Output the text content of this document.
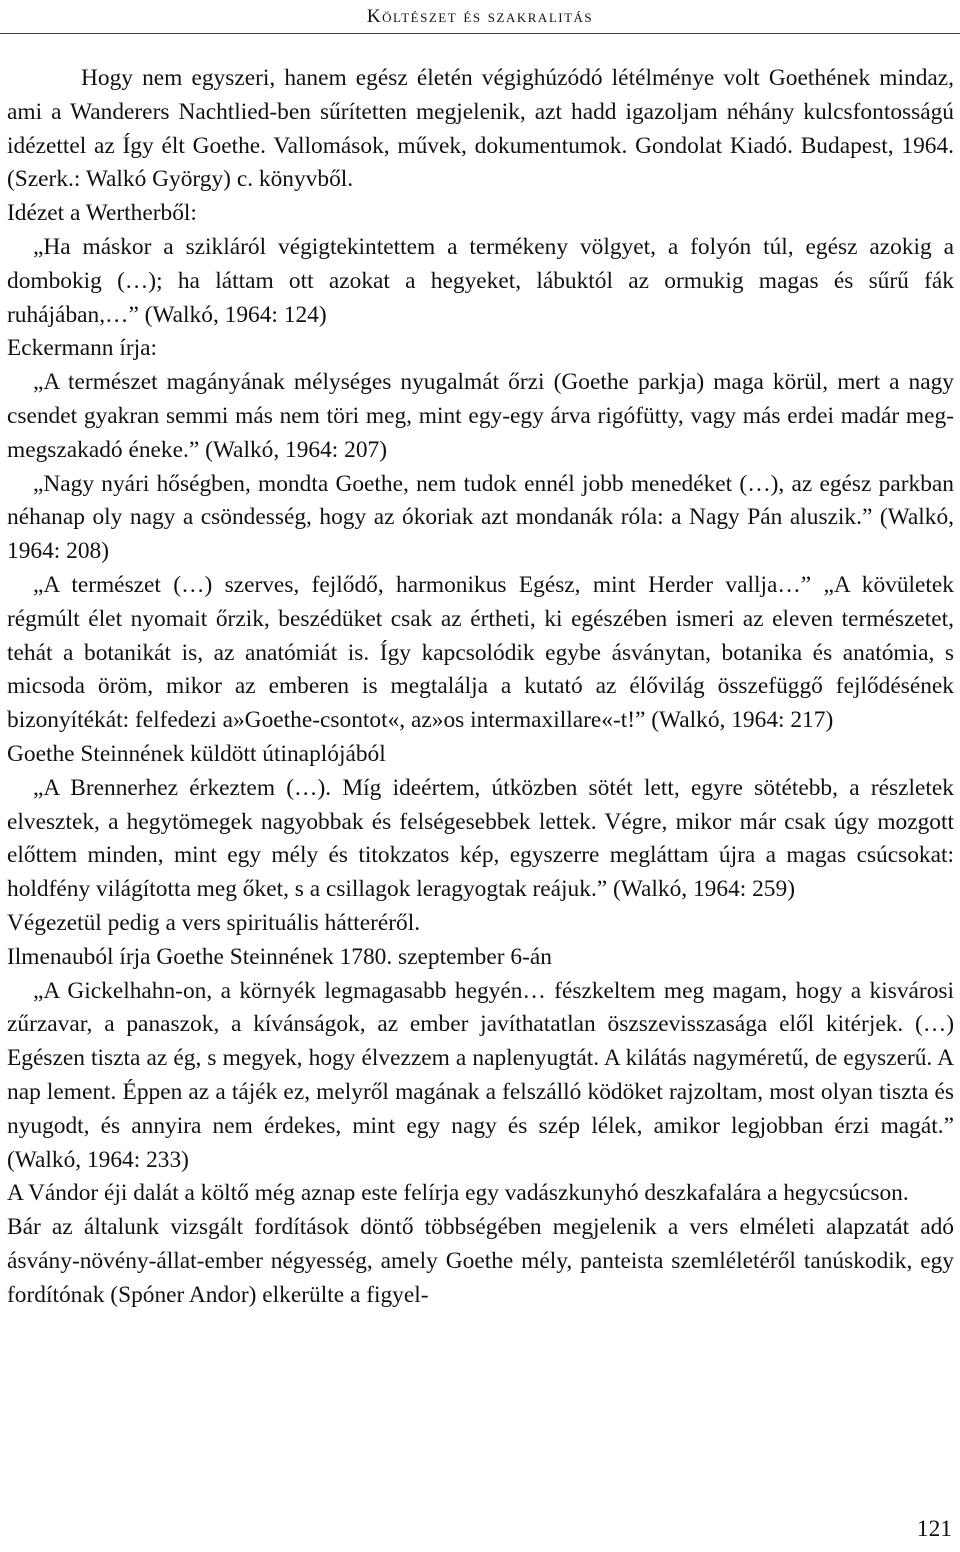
Költészet és szakralitás

Hogy nem egyszeri, hanem egész életén végighúzódó létélménye volt Goethének mindaz, ami a Wanderers Nachtlied-ben sűrítetten megjelenik, azt hadd igazoljam néhány kulcsfontosságú idézettel az Így élt Goethe. Vallomások, művek, dokumentumok. Gondolat Kiadó. Budapest, 1964. (Szerk.: Walkó György) c. könyvből.

Idézet a Wertherből:

„Ha máskor a szikláról végigtekintettem a termékeny völgyet, a folyón túl, egész azokig a dombokig (…); ha láttam ott azokat a hegyeket, lábuktól az ormukig magas és sűrű fák ruhájában,…” (Walkó, 1964: 124)

Eckermann írja:

„A természet magányának mélységes nyugalmát őrzi (Goethe parkja) maga körül, mert a nagy csendet gyakran semmi más nem töri meg, mint egy-egy árva rigófütty, vagy más erdei madár meg-megszakadó éneke.” (Walkó, 1964: 207)

„Nagy nyári hőségben, mondta Goethe, nem tudok ennél jobb menedéket (…), az egész parkban néhanap oly nagy a csöndesség, hogy az ókoriak azt mondanák róla: a Nagy Pán aluszik.” (Walkó, 1964: 208)

„A természet (…) szerves, fejlődő, harmonikus Egész, mint Herder vallja…” „A kövületek régmúlt élet nyomait őrzik, beszédüket csak az értheti, ki egészében ismeri az eleven természetet, tehát a botanikát is, az anatómiát is. Így kapcsolódik egybe ásványtan, botanika és anatómia, s micsoda öröm, mikor az emberen is megtalálja a kutató az élővilág összefüggő fejlődésének bizonyítékát: felfedezi a»Goethe-csontot«, az»os intermaxillare«-t!” (Walkó, 1964: 217)

Goethe Steinnének küldött útinaplójából

„A Brennerhez érkeztem (…). Míg ideértem, útközben sötét lett, egyre sötétebb, a részletek elvesztek, a hegytömegek nagyobbak és felségesebbek lettek. Végre, mikor már csak úgy mozgott előttem minden, mint egy mély és titokzatos kép, egyszerre megláttam újra a magas csúcsokat: holdfény világította meg őket, s a csillagok leragyogtak reájuk.” (Walkó, 1964: 259)

Végezetül pedig a vers spirituális hátteréről.

Ilmenauból írja Goethe Steinnének 1780. szeptember 6-án

„A Gickelhahn-on, a környék legmagasabb hegyén… fészkeltem meg magam, hogy a kisvárosi zűrzavar, a panaszok, a kívánságok, az ember javíthatatlan öszszevisszasága elől kitérjek. (…) Egészen tiszta az ég, s megyek, hogy élvezzem a naplenyugtát. A kilátás nagyméretű, de egyszerű. A nap lement. Éppen az a tájék ez, melyről magának a felszálló ködöket rajzoltam, most olyan tiszta és nyugodt, és annyira nem érdekes, mint egy nagy és szép lélek, amikor legjobban érzi magát.” (Walkó, 1964: 233)

A Vándor éji dalát a költő még aznap este felírja egy vadászkunyhó deszkafalára a hegycsúcson.

Bár az általunk vizsgált fordítások döntő többségében megjelenik a vers elméleti alapzatát adó ásvány-növény-állat-ember négyesség, amely Goethe mély, panteista szemléletéről tanúskodik, egy fordítónak (Spóner Andor) elkerülte a figyel-

121
